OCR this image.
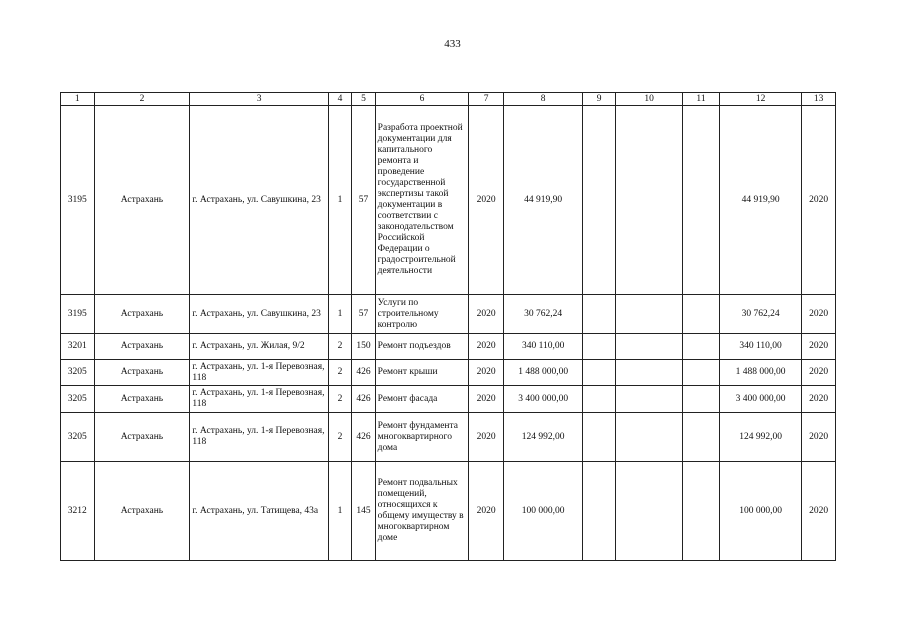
433
1	2	3	4	5	6	7	8	9	10	11	12	13
3195	Астрахань	г. Астрахань, ул. Савушкина, 23	1	57	Разработа проектной документации для капитального ремонта и проведение государственной экспертизы такой документации в соответствии с законодательством Российской Федерации о градостроительной деятельности	2020	44 919,90				44 919,90	2020
3195	Астрахань	г. Астрахань, ул. Савушкина, 23	1	57	Услуги по строительному контролю	2020	30 762,24				30 762,24	2020
3201	Астрахань	г. Астрахань, ул. Жилая, 9/2	2	150	Ремонт подъездов	2020	340 110,00				340 110,00	2020
3205	Астрахань	г. Астрахань, ул. 1-я Перевозная, 118	2	426	Ремонт крыши	2020	1 488 000,00				1 488 000,00	2020
3205	Астрахань	г. Астрахань, ул. 1-я Перевозная, 118	2	426	Ремонт фасада	2020	3 400 000,00				3 400 000,00	2020
3205	Астрахань	г. Астрахань, ул. 1-я Перевозная, 118	2	426	Ремонт фундамента многоквартирного дома	2020	124 992,00				124 992,00	2020
3212	Астрахань	г. Астрахань, ул. Татищева, 43а	1	145	Ремонт подвальных помещений, относящихся к общему имуществу в многоквартирном доме	2020	100 000,00				100 000,00	2020
